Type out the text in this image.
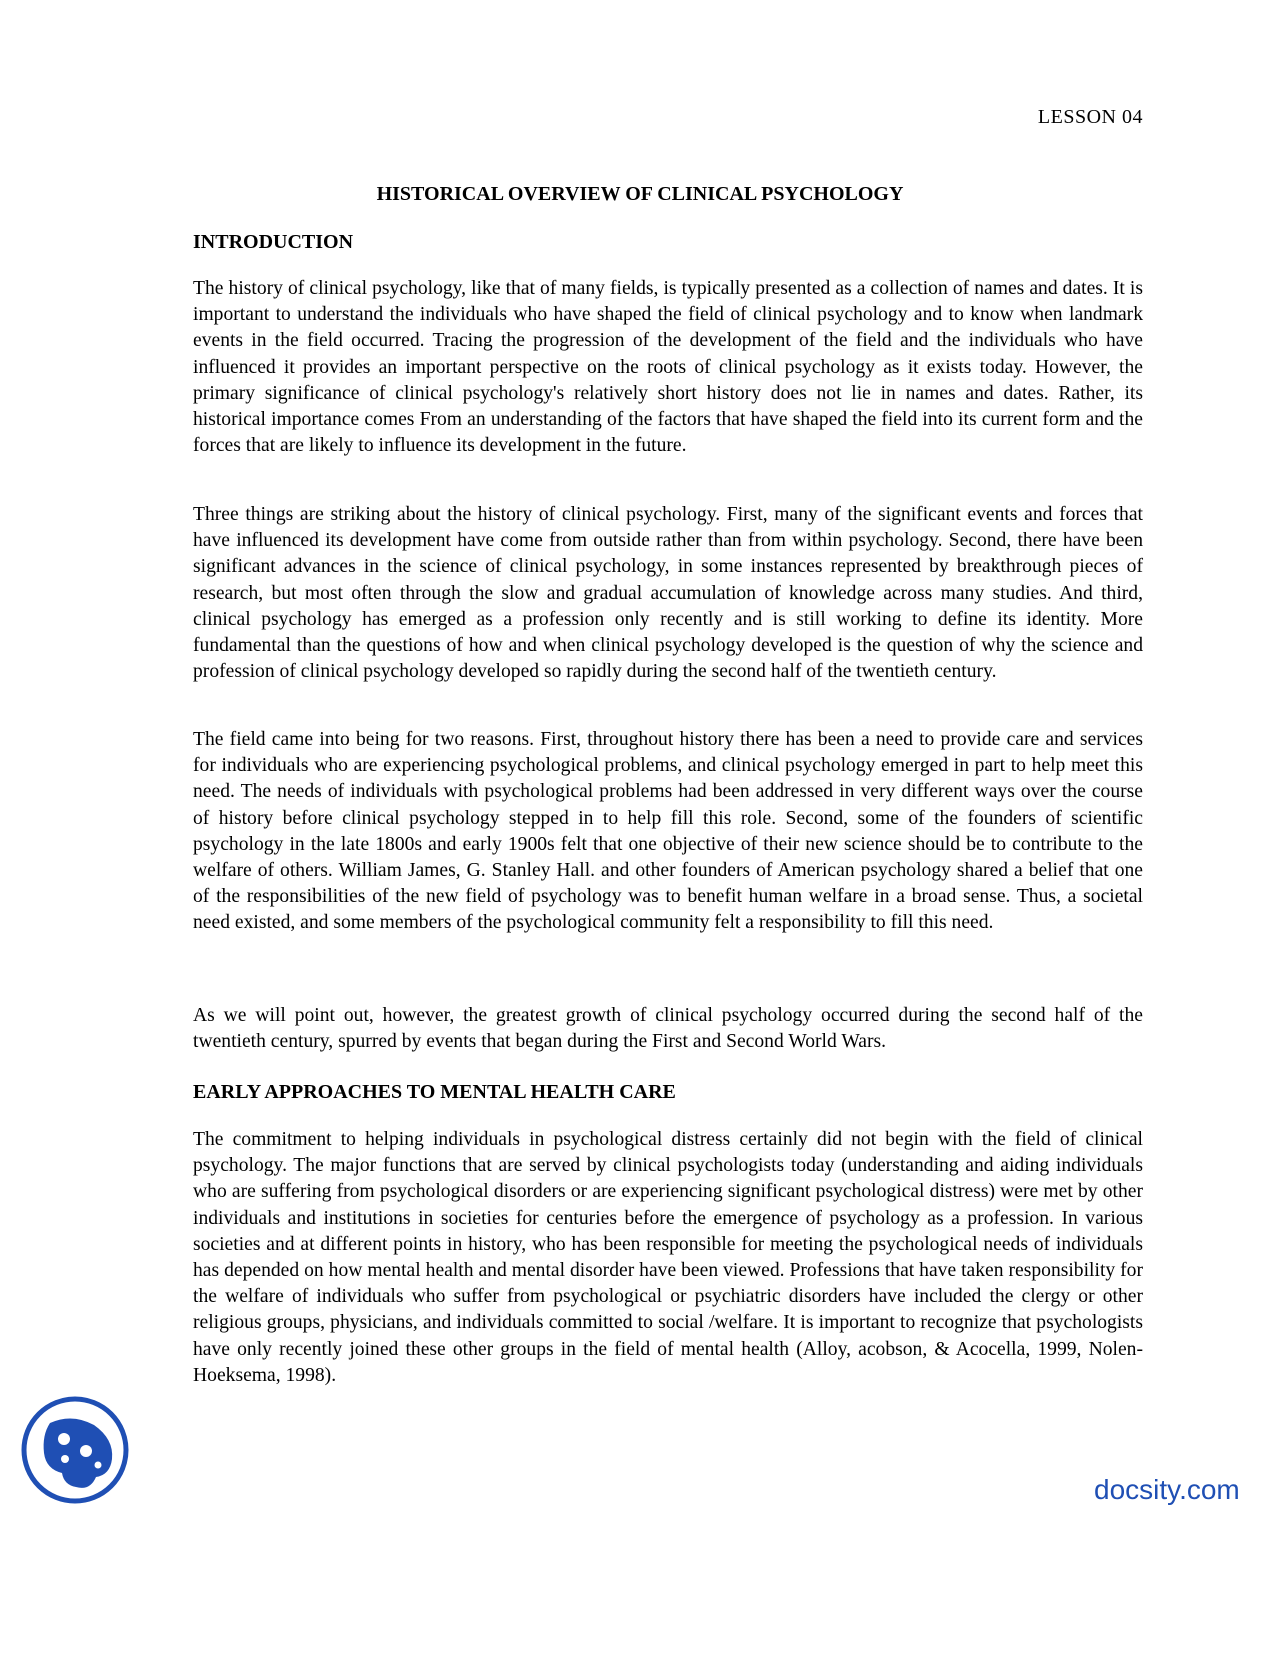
LESSON 04
HISTORICAL OVERVIEW OF CLINICAL PSYCHOLOGY
INTRODUCTION

The history of clinical psychology, like that of many fields, is typically presented as a collection of names and dates. It is important to understand the individuals who have shaped the field of clinical psychology and to know when landmark events in the field occurred. Tracing the progression of the development of the field and the individuals who have influenced it provides an important perspective on the roots of clinical psychology as it exists today. However, the primary significance of clinical psychology's relatively short history does not lie in names and dates. Rather, its historical importance comes From an understanding of the factors that have shaped the field into its current form and the forces that are likely to influence its development in the future.

Three things are striking about the history of clinical psychology. First, many of the significant events and forces that have influenced its development have come from outside rather than from within psychology. Second, there have been significant advances in the science of clinical psychology, in some instances represented by breakthrough pieces of research, but most often through the slow and gradual accumulation of knowledge across many studies. And third, clinical psychology has emerged as a profession only recently and is still working to define its identity. More fundamental than the questions of how and when clinical psychology developed is the question of why the science and profession of clinical psychology developed so rapidly during the second half of the twentieth century.

The field came into being for two reasons. First, throughout history there has been a need to provide care and services for individuals who are experiencing psychological problems, and clinical psychology emerged in part to help meet this need. The needs of individuals with psychological problems had been addressed in very different ways over the course of history before clinical psychology stepped in to help fill this role. Second, some of the founders of scientific psychology in the late 1800s and early 1900s felt that one objective of their new science should be to contribute to the welfare of others. William James, G. Stanley Hall. and other founders of American psychology shared a belief that one of the responsibilities of the new field of psychology was to benefit human welfare in a broad sense. Thus, a societal need existed, and some members of the psychological community felt a responsibility to fill this need.

As we will point out, however, the greatest growth of clinical psychology occurred during the second half of the twentieth century, spurred by events that began during the First and Second World Wars.

EARLY APPROACHES TO MENTAL HEALTH CARE

The commitment to helping individuals in psychological distress certainly did not begin with the field of clinical psychology. The major functions that are served by clinical psychologists today (understanding and aiding individuals who are suffering from psychological disorders or are experiencing significant psychological distress) were met by other individuals and institutions in societies for centuries before the emergence of psychology as a profession. In various societies and at different points in history, who has been responsible for meeting the psychological needs of individuals has depended on how mental health and mental disorder have been viewed. Professions that have taken responsibility for the welfare of individuals who suffer from psychological or psychiatric disorders have included the clergy or other religious groups, physicians, and individuals committed to social /welfare. It is important to recognize that psychologists have only recently joined these other groups in the field of mental health (Alloy, acobson, & Acocella, 1999, Nolen-Hoeksema, 1998).

docsity.com
